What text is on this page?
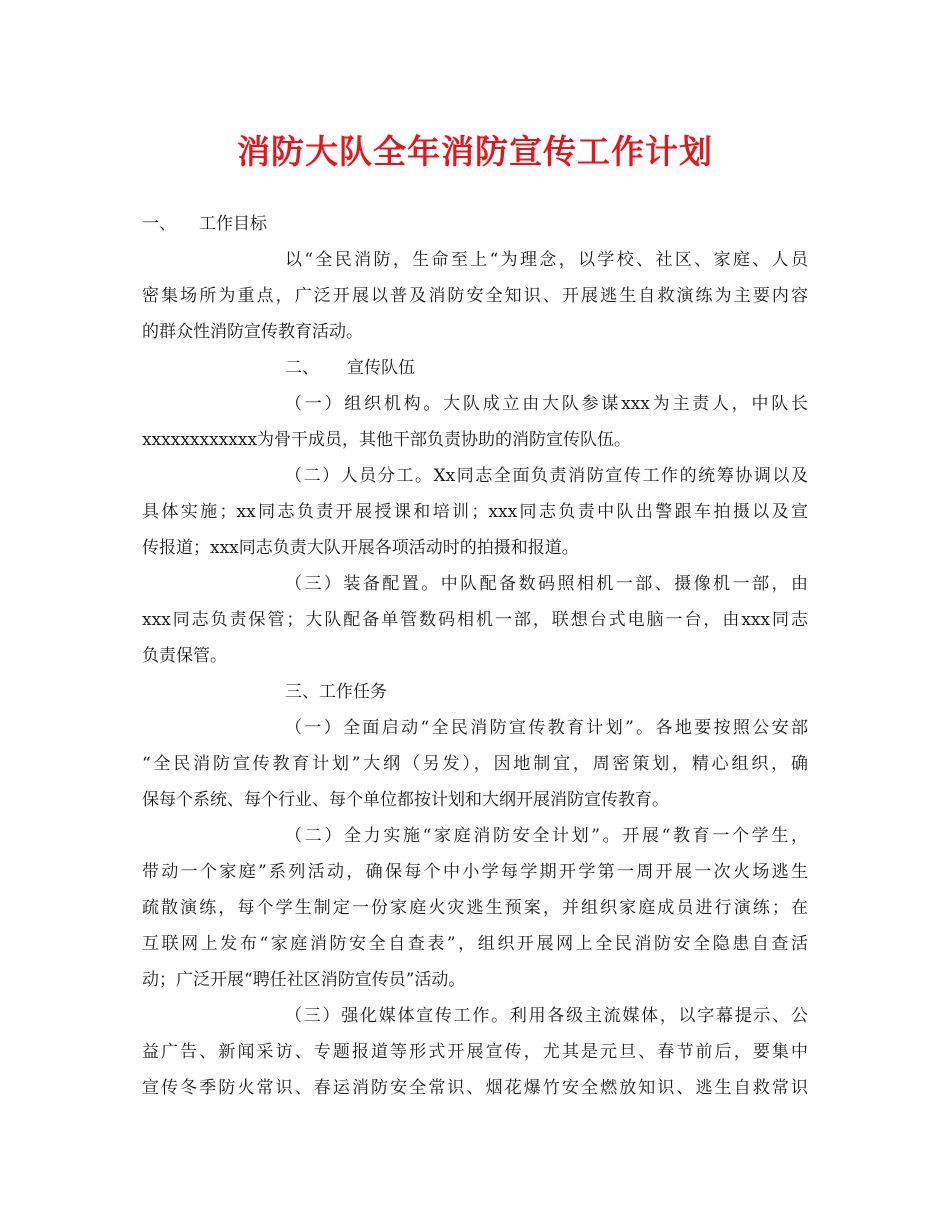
消防大队全年消防宣传工作计划
一、 工作目标
以“全民消防，生命至上“为理念，以学校、社区、家庭、人员
密集场所为重点，广泛开展以普及消防安全知识、开展逃生自救演练为主要内容
的群众性消防宣传教育活动。
二、 宣传队伍
（一）组织机构。大队成立由大队参谋xxx为主责人，中队长
xxxxxxxxxxxx为骨干成员，其他干部负责协助的消防宣传队伍。
（二）人员分工。Xx同志全面负责消防宣传工作的统筹协调以及
具体实施；xx同志负责开展授课和培训；xxx同志负责中队出警跟车拍摄以及宣
传报道；xxx同志负责大队开展各项活动时的拍摄和报道。
（三）装备配置。中队配备数码照相机一部、摄像机一部，由
xxx同志负责保管；大队配备单管数码相机一部，联想台式电脑一台，由xxx同志
负责保管。
三、工作任务
（一）全面启动“全民消防宣传教育计划”。各地要按照公安部
“全民消防宣传教育计划”大纲（另发），因地制宜，周密策划，精心组织，确
保每个系统、每个行业、每个单位都按计划和大纲开展消防宣传教育。
（二）全力实施“家庭消防安全计划”。开展“教育一个学生，
带动一个家庭”系列活动，确保每个中小学每学期开学第一周开展一次火场逃生
疏散演练，每个学生制定一份家庭火灾逃生预案，并组织家庭成员进行演练；在
互联网上发布“家庭消防安全自查表”，组织开展网上全民消防安全隐患自查活
动；广泛开展“聘任社区消防宣传员”活动。
（三）强化媒体宣传工作。利用各级主流媒体，以字幕提示、公
益广告、新闻采访、专题报道等形式开展宣传，尤其是元旦、春节前后，要集中
宣传冬季防火常识、春运消防安全常识、烟花爆竹安全燃放知识、逃生自救常识
